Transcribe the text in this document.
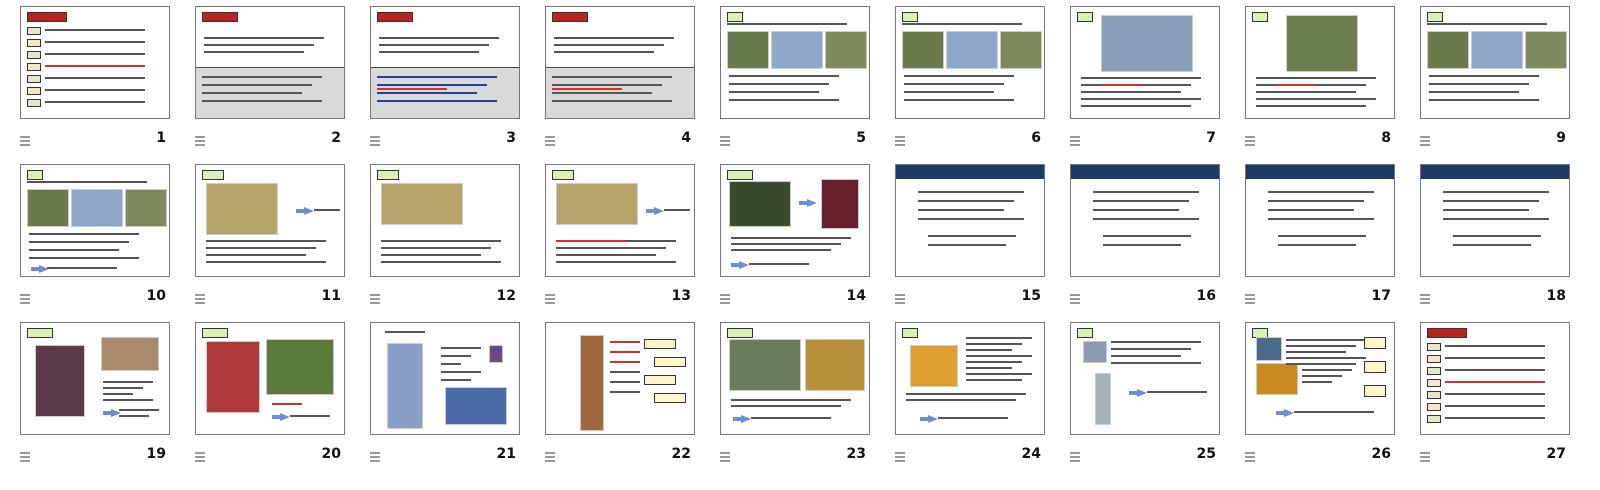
1	2	3	4	5	6	7	8	9
10	11	12	13	14	15	16	17	18
19	20	21	22	23	24	25	26	27
